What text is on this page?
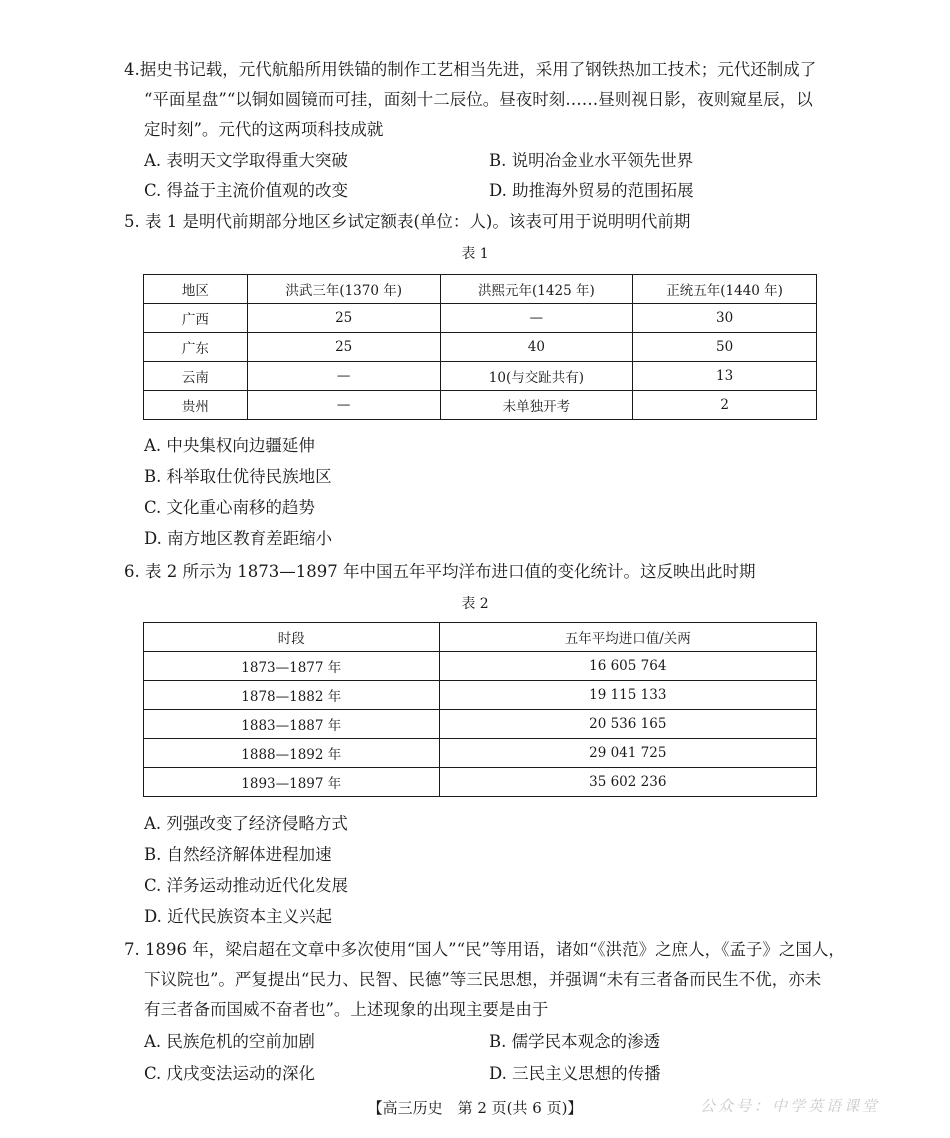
4.据史书记载，元代航船所用铁锚的制作工艺相当先进，采用了钢铁热加工技术；元代还制成了
“平面星盘”“以铜如圆镜而可挂，面刻十二辰位。昼夜时刻……昼则视日影，夜则窥星辰，以
定时刻”。元代的这两项科技成就
A. 表明天文学取得重大突破	B. 说明冶金业水平领先世界
C. 得益于主流价值观的改变	D. 助推海外贸易的范围拓展
5. 表 1 是明代前期部分地区乡试定额表(单位：人)。该表可用于说明明代前期
表 1
地区	洪武三年(1370 年)	洪熙元年(1425 年)	正统五年(1440 年)
广西	25	—	30
广东	25	40	50
云南	—	10(与交趾共有)	13
贵州	—	未单独开考	2
A. 中央集权向边疆延伸
B. 科举取仕优待民族地区
C. 文化重心南移的趋势
D. 南方地区教育差距缩小
6. 表 2 所示为 1873—1897 年中国五年平均洋布进口值的变化统计。这反映出此时期
表 2
时段	五年平均进口值/关两
1873—1877 年	16 605 764
1878—1882 年	19 115 133
1883—1887 年	20 536 165
1888—1892 年	29 041 725
1893—1897 年	35 602 236
A. 列强改变了经济侵略方式
B. 自然经济解体进程加速
C. 洋务运动推动近代化发展
D. 近代民族资本主义兴起
7. 1896 年，梁启超在文章中多次使用“国人”“民”等用语，诸如“《洪范》之庶人，《孟子》之国人，
下议院也”。严复提出“民力、民智、民德”等三民思想，并强调“未有三者备而民生不优，亦未
有三者备而国威不奋者也”。上述现象的出现主要是由于
A. 民族危机的空前加剧	B. 儒学民本观念的渗透
C. 戊戌变法运动的深化	D. 三民主义思想的传播
【高三历史　第 2 页(共 6 页)】	公众号：中学英语课堂
